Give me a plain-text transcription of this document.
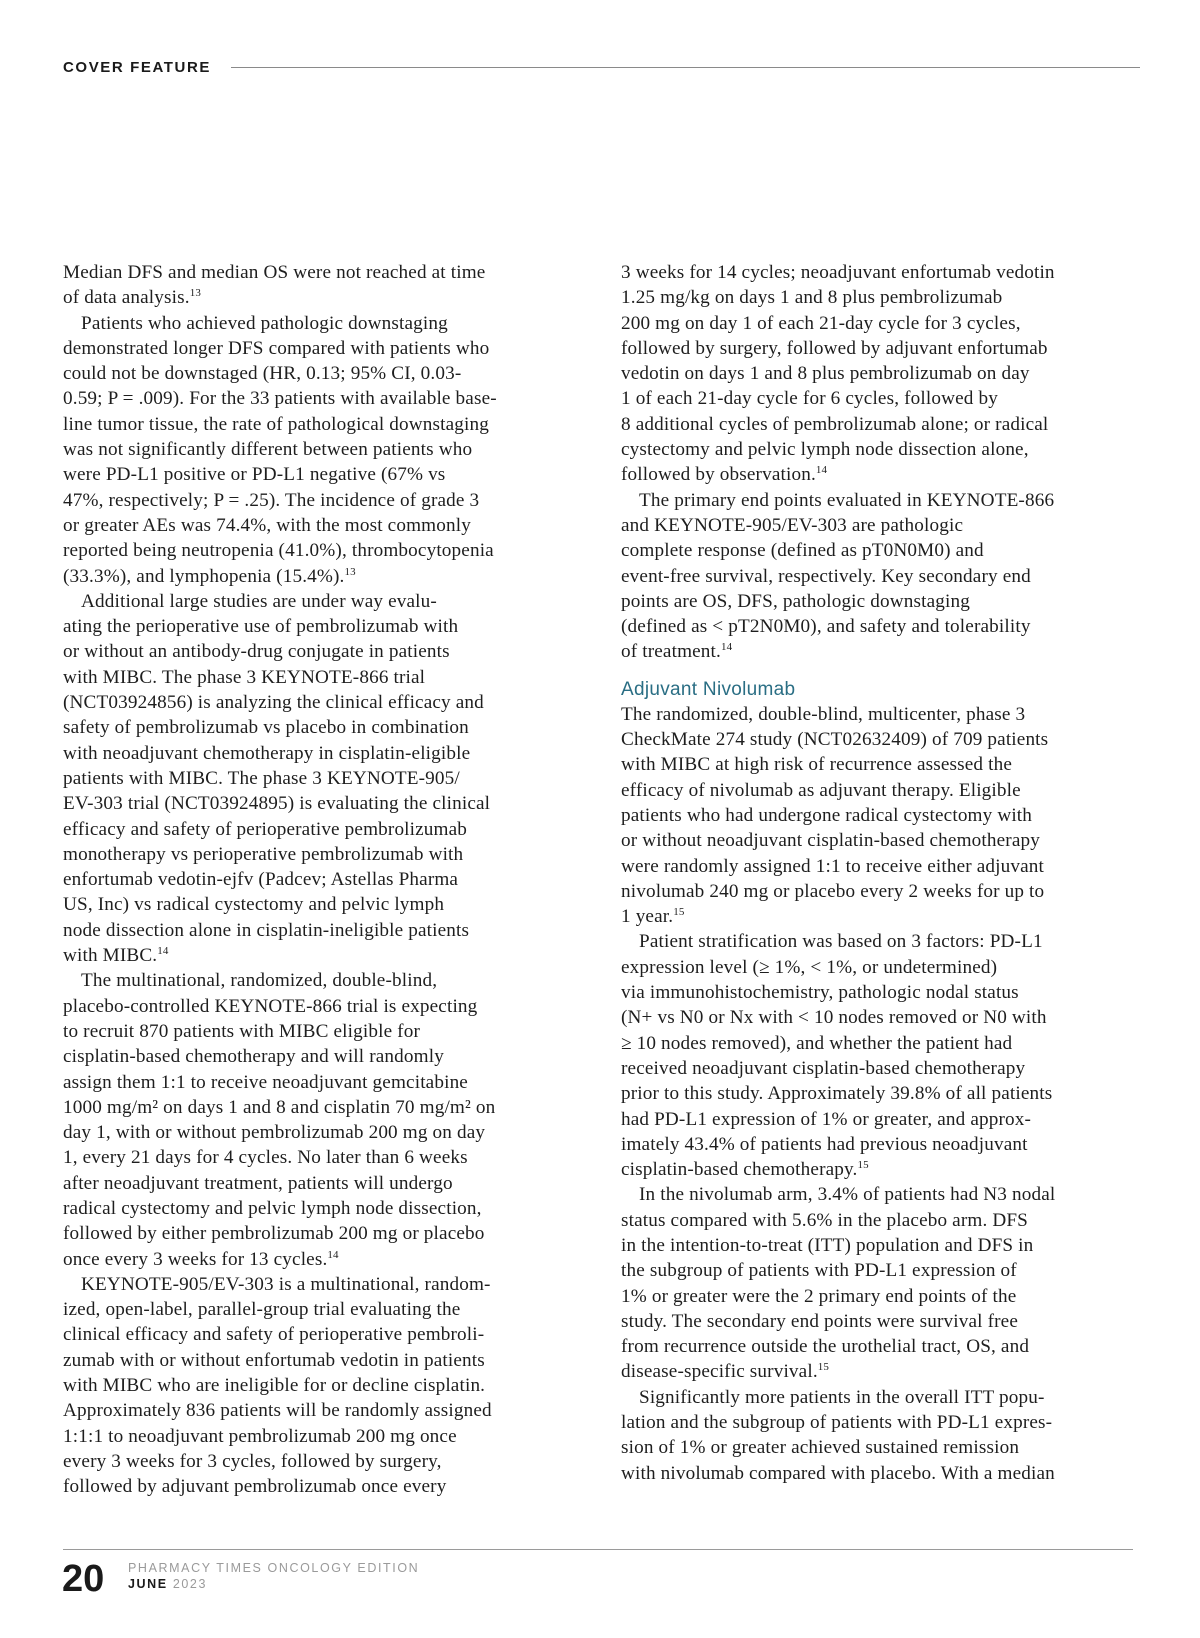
COVER FEATURE

Median DFS and median OS were not reached at time

of data analysis.$^{13}$

Patients who achieved pathologic downstaging

demonstrated longer DFS compared with patients who

could not be downstaged (HR, 0.13; 95% CI, 0.03-

0.59; P = .009). For the 33 patients with available base-

line tumor tissue, the rate of pathological downstaging

was not significantly different between patients who

were PD-L1 positive or PD-L1 negative (67% vs

47%, respectively; P = .25). The incidence of grade 3

or greater AEs was 74.4%, with the most commonly

reported being neutropenia (41.0%), thrombocytopenia

(33.3%), and lymphopenia (15.4%).$^{13}$

Additional large studies are under way evalu-

ating the perioperative use of pembrolizumab with

or without an antibody-drug conjugate in patients

with MIBC. The phase 3 KEYNOTE-866 trial

(NCT03924856) is analyzing the clinical efficacy and

safety of pembrolizumab vs placebo in combination

with neoadjuvant chemotherapy in cisplatin-eligible

patients with MIBC. The phase 3 KEYNOTE-905/

EV-303 trial (NCT03924895) is evaluating the clinical

efficacy and safety of perioperative pembrolizumab

monotherapy vs perioperative pembrolizumab with

enfortumab vedotin-ejfv (Padcev; Astellas Pharma

US, Inc) vs radical cystectomy and pelvic lymph

node dissection alone in cisplatin-ineligible patients

with MIBC.$^{14}$

The multinational, randomized, double-blind,

placebo-controlled KEYNOTE-866 trial is expecting

to recruit 870 patients with MIBC eligible for

cisplatin-based chemotherapy and will randomly

assign them 1:1 to receive neoadjuvant gemcitabine

1000 mg/m² on days 1 and 8 and cisplatin 70 mg/m² on

day 1, with or without pembrolizumab 200 mg on day

1, every 21 days for 4 cycles. No later than 6 weeks

after neoadjuvant treatment, patients will undergo

radical cystectomy and pelvic lymph node dissection,

followed by either pembrolizumab 200 mg or placebo

once every 3 weeks for 13 cycles.$^{14}$

KEYNOTE-905/EV-303 is a multinational, random-

ized, open-label, parallel-group trial evaluating the

clinical efficacy and safety of perioperative pembroli-

zumab with or without enfortumab vedotin in patients

with MIBC who are ineligible for or decline cisplatin.

Approximately 836 patients will be randomly assigned

1:1:1 to neoadjuvant pembrolizumab 200 mg once

every 3 weeks for 3 cycles, followed by surgery,

followed by adjuvant pembrolizumab once every

3 weeks for 14 cycles; neoadjuvant enfortumab vedotin

1.25 mg/kg on days 1 and 8 plus pembrolizumab

200 mg on day 1 of each 21-day cycle for 3 cycles,

followed by surgery, followed by adjuvant enfortumab

vedotin on days 1 and 8 plus pembrolizumab on day

1 of each 21-day cycle for 6 cycles, followed by

8 additional cycles of pembrolizumab alone; or radical

cystectomy and pelvic lymph node dissection alone,

followed by observation.$^{14}$

The primary end points evaluated in KEYNOTE-866

and KEYNOTE-905/EV-303 are pathologic

complete response (defined as pT0N0M0) and

event-free survival, respectively. Key secondary end

points are OS, DFS, pathologic downstaging

(defined as < pT2N0M0), and safety and tolerability

of treatment.$^{14}$

Adjuvant Nivolumab

The randomized, double-blind, multicenter, phase 3

CheckMate 274 study (NCT02632409) of 709 patients

with MIBC at high risk of recurrence assessed the

efficacy of nivolumab as adjuvant therapy. Eligible

patients who had undergone radical cystectomy with

or without neoadjuvant cisplatin-based chemotherapy

were randomly assigned 1:1 to receive either adjuvant

nivolumab 240 mg or placebo every 2 weeks for up to

1 year.$^{15}$

Patient stratification was based on 3 factors: PD-L1

expression level (≥ 1%, < 1%, or undetermined)

via immunohistochemistry, pathologic nodal status

(N+ vs N0 or Nx with < 10 nodes removed or N0 with

≥ 10 nodes removed), and whether the patient had

received neoadjuvant cisplatin-based chemotherapy

prior to this study. Approximately 39.8% of all patients

had PD-L1 expression of 1% or greater, and approx-

imately 43.4% of patients had previous neoadjuvant

cisplatin-based chemotherapy.$^{15}$

In the nivolumab arm, 3.4% of patients had N3 nodal

status compared with 5.6% in the placebo arm. DFS

in the intention-to-treat (ITT) population and DFS in

the subgroup of patients with PD-L1 expression of

1% or greater were the 2 primary end points of the

study. The secondary end points were survival free

from recurrence outside the urothelial tract, OS, and

disease-specific survival.$^{15}$

Significantly more patients in the overall ITT popu-

lation and the subgroup of patients with PD-L1 expres-

sion of 1% or greater achieved sustained remission

with nivolumab compared with placebo. With a median

20 PHARMACY TIMES ONCOLOGY EDITION
JUNE 2023
